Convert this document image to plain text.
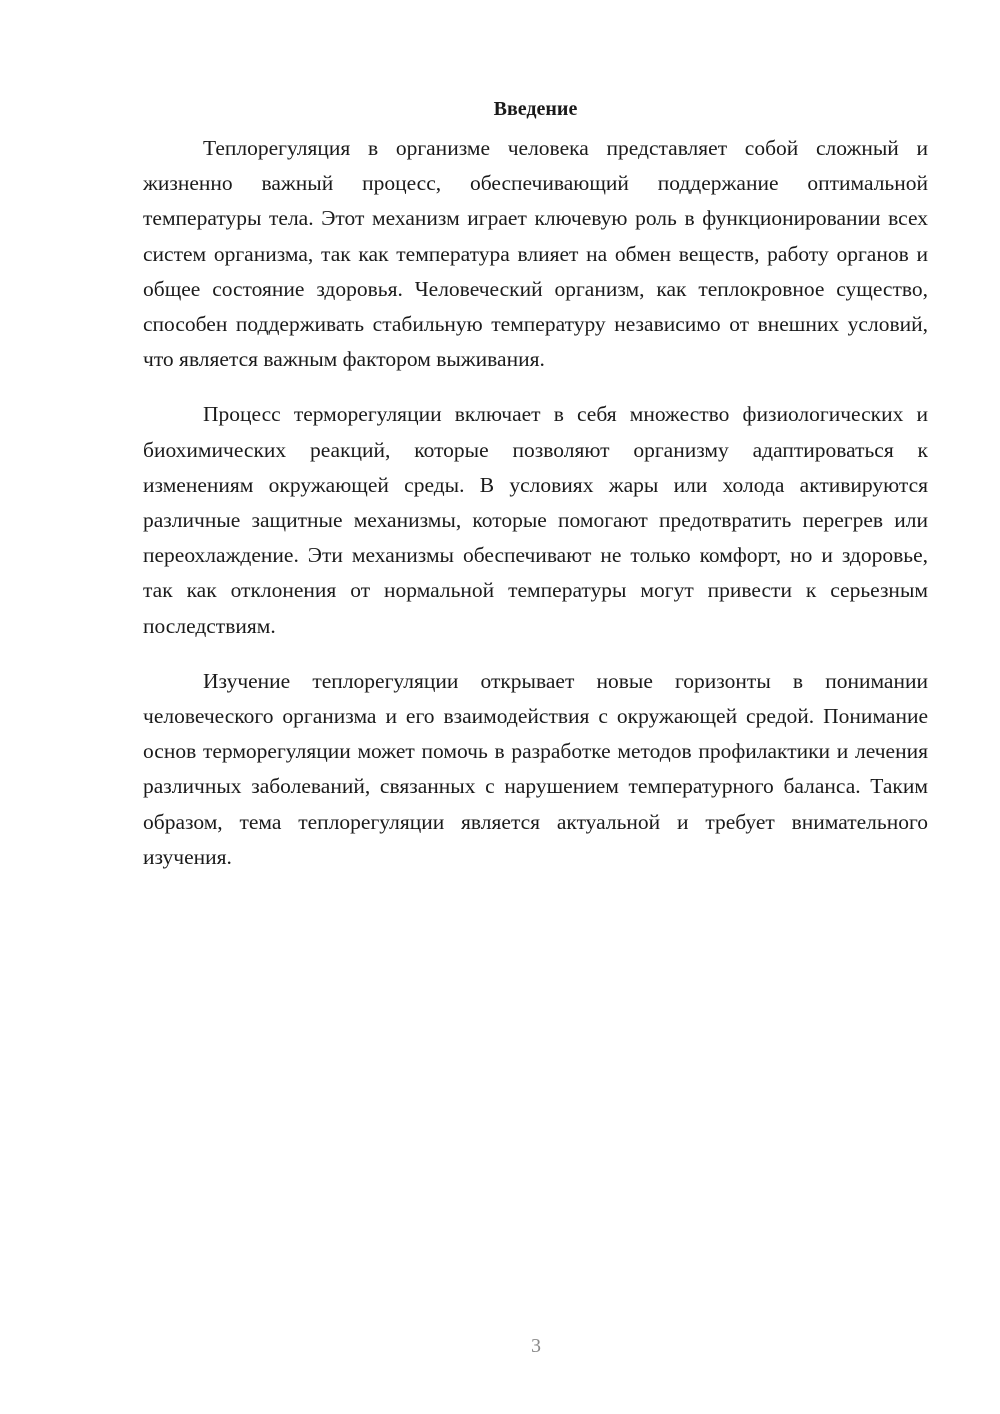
Введение

Теплорегуляция в организме человека представляет собой сложный и жизненно важный процесс, обеспечивающий поддержание оптимальной температуры тела. Этот механизм играет ключевую роль в функционировании всех систем организма, так как температура влияет на обмен веществ, работу органов и общее состояние здоровья. Человеческий организм, как теплокровное существо, способен поддерживать стабильную температуру независимо от внешних условий, что является важным фактором выживания.

Процесс терморегуляции включает в себя множество физиологических и биохимических реакций, которые позволяют организму адаптироваться к изменениям окружающей среды. В условиях жары или холода активируются различные защитные механизмы, которые помогают предотвратить перегрев или переохлаждение. Эти механизмы обеспечивают не только комфорт, но и здоровье, так как отклонения от нормальной температуры могут привести к серьезным последствиям.

Изучение теплорегуляции открывает новые горизонты в понимании человеческого организма и его взаимодействия с окружающей средой. Понимание основ терморегуляции может помочь в разработке методов профилактики и лечения различных заболеваний, связанных с нарушением температурного баланса. Таким образом, тема теплорегуляции является актуальной и требует внимательного изучения.

3
